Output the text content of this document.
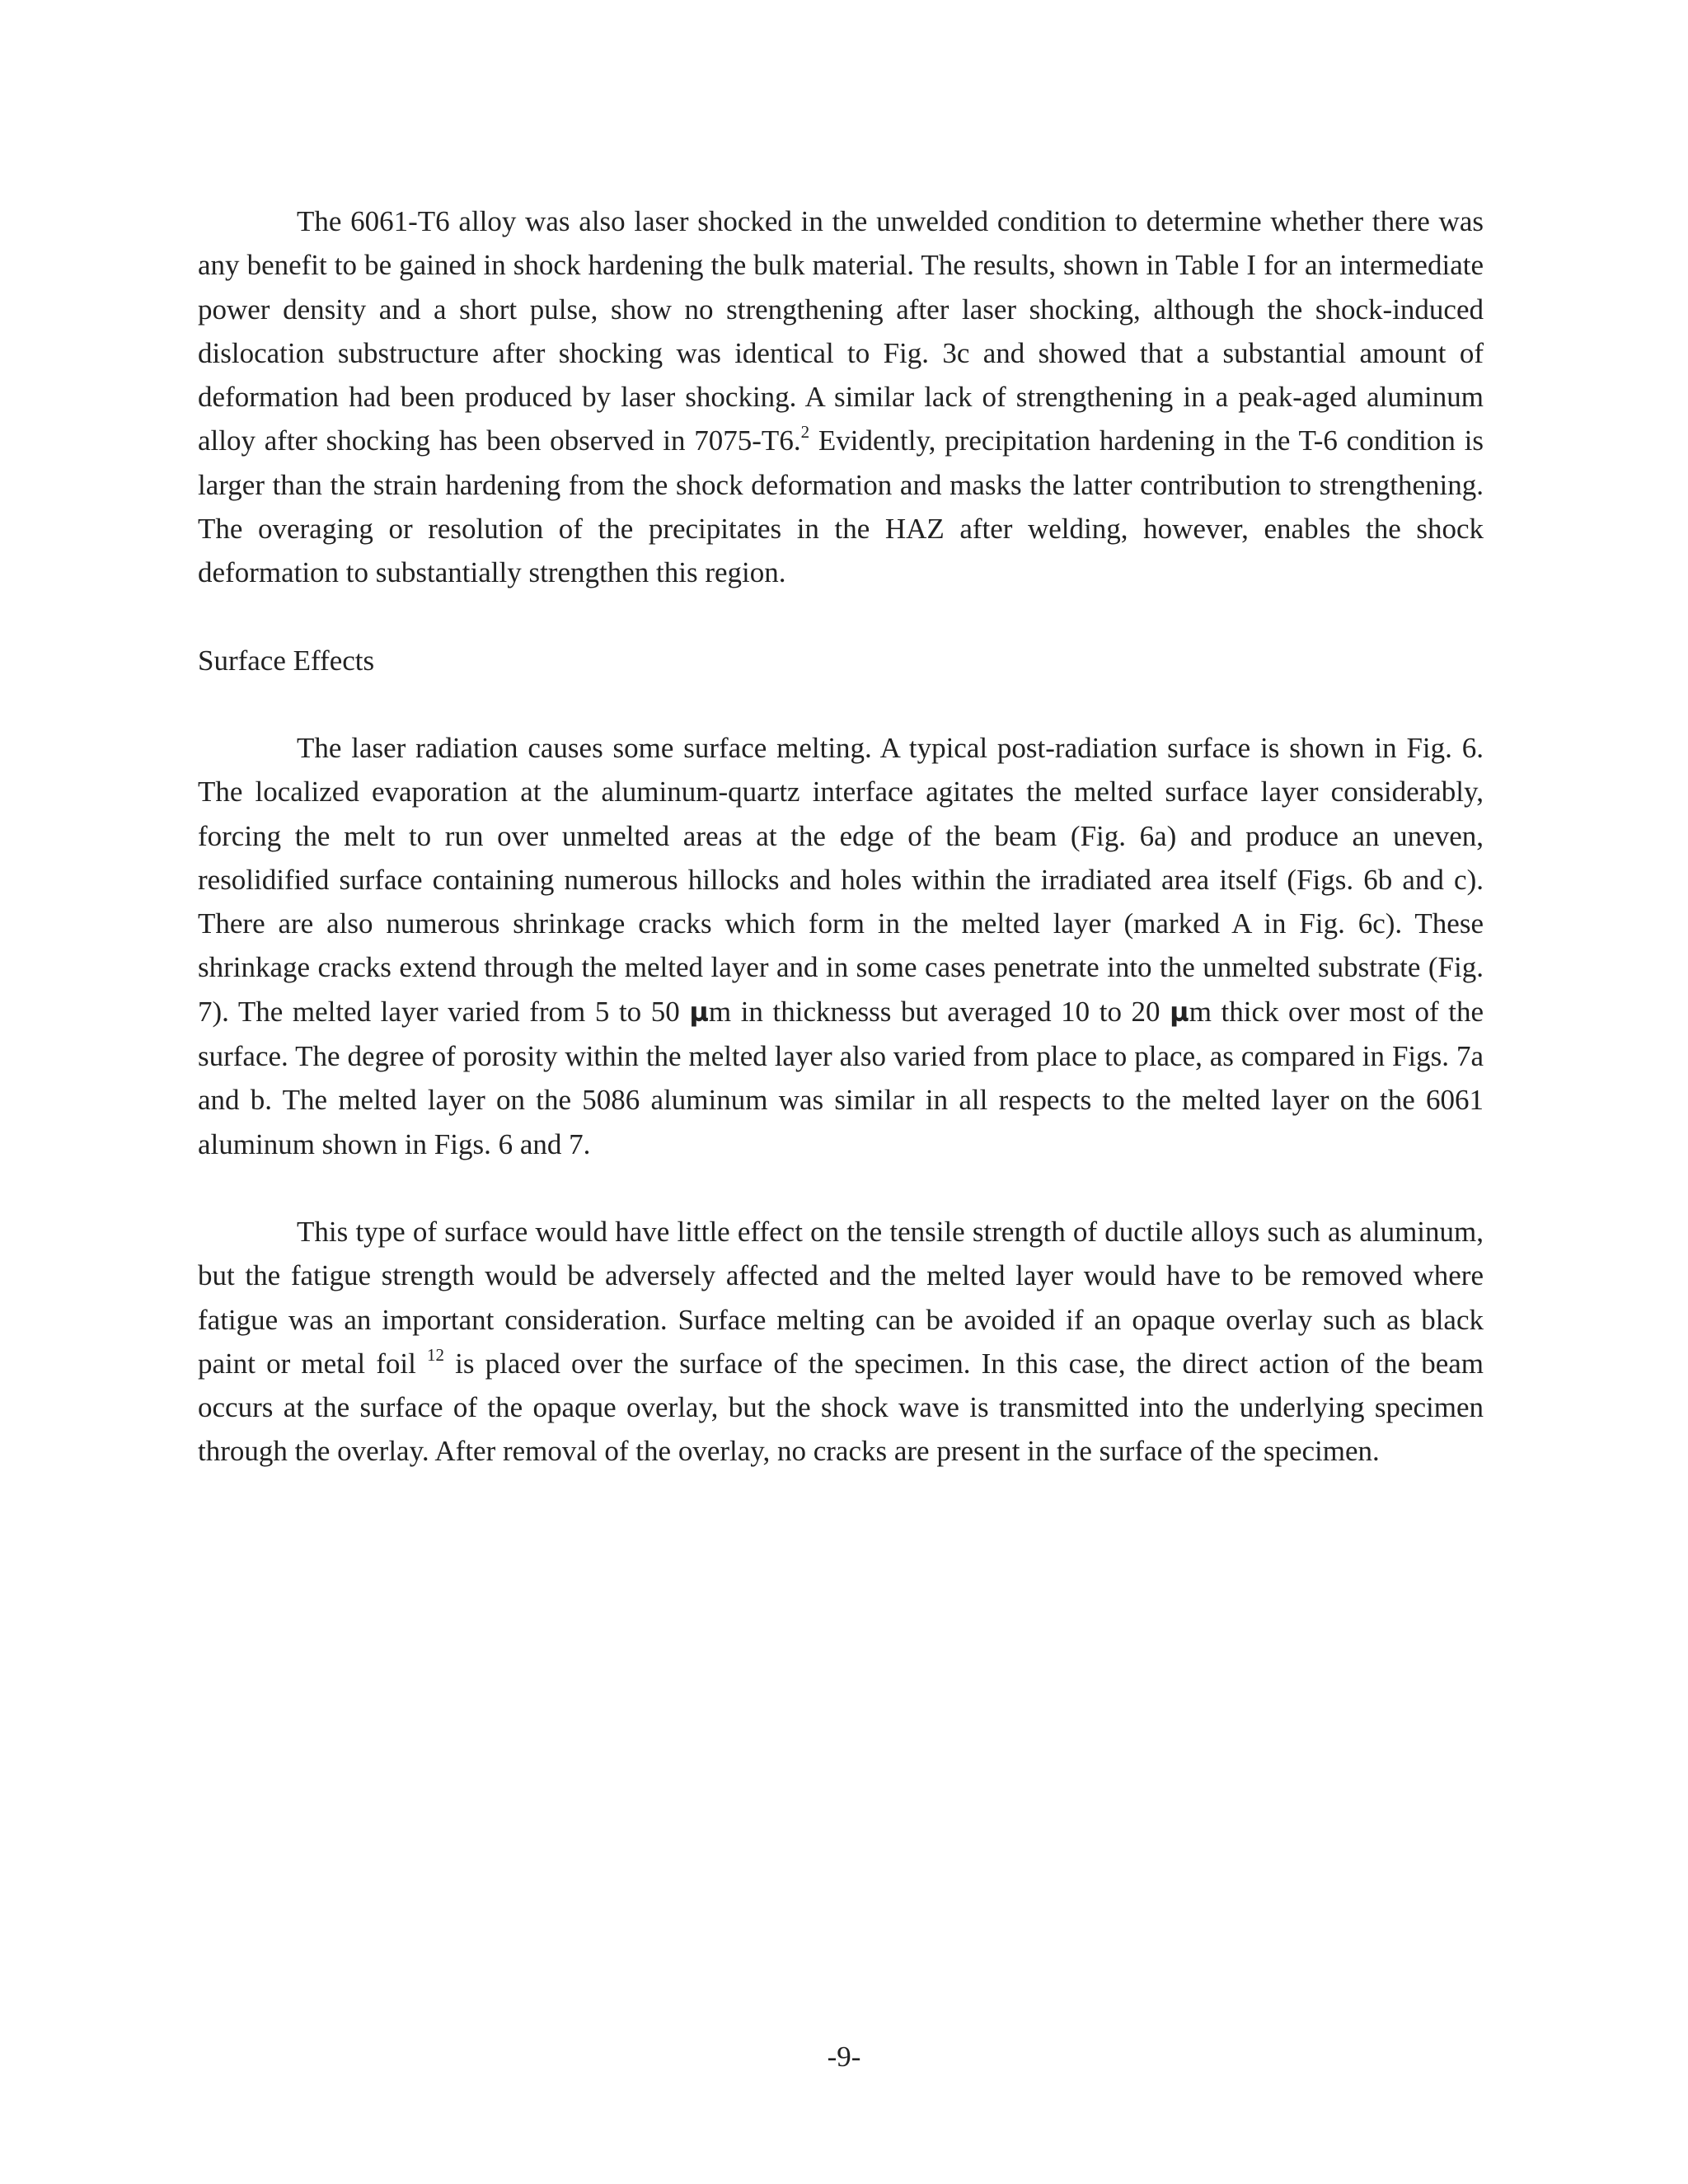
The 6061-T6 alloy was also laser shocked in the unwelded condition to determine whether there was any benefit to be gained in shock hardening the bulk material. The results, shown in Table I for an intermediate power density and a short pulse, show no strengthening after laser shocking, although the shock-induced dislocation substructure after shocking was identical to Fig. 3c and showed that a substantial amount of deformation had been produced by laser shocking. A similar lack of strengthening in a peak-aged aluminum alloy after shocking has been observed in 7075-T6.$^2$ Evidently, precipitation hardening in the T-6 condition is larger than the strain hardening from the shock deformation and masks the latter contribution to strengthening. The overaging or resolution of the precipitates in the HAZ after welding, however, enables the shock deformation to substantially strengthen this region.

Surface Effects

The laser radiation causes some surface melting. A typical post-radiation surface is shown in Fig. 6. The localized evaporation at the aluminum-quartz interface agitates the melted surface layer considerably, forcing the melt to run over unmelted areas at the edge of the beam (Fig. 6a) and produce an uneven, resolidified surface containing numerous hillocks and holes within the irradiated area itself (Figs. 6b and c). There are also numerous shrinkage cracks which form in the melted layer (marked A in Fig. 6c). These shrinkage cracks extend through the melted layer and in some cases penetrate into the unmelted substrate (Fig. 7). The melted layer varied from 5 to 50 µm in thicknesss but averaged 10 to 20 µm thick over most of the surface. The degree of porosity within the melted layer also varied from place to place, as compared in Figs. 7a and b. The melted layer on the 5086 aluminum was similar in all respects to the melted layer on the 6061 aluminum shown in Figs. 6 and 7.

This type of surface would have little effect on the tensile strength of ductile alloys such as aluminum, but the fatigue strength would be adversely affected and the melted layer would have to be removed where fatigue was an important consideration. Surface melting can be avoided if an opaque overlay such as black paint or metal foil $^{12}$ is placed over the surface of the specimen. In this case, the direct action of the beam occurs at the surface of the opaque overlay, but the shock wave is transmitted into the underlying specimen through the overlay. After removal of the overlay, no cracks are present in the surface of the specimen.

-9-
